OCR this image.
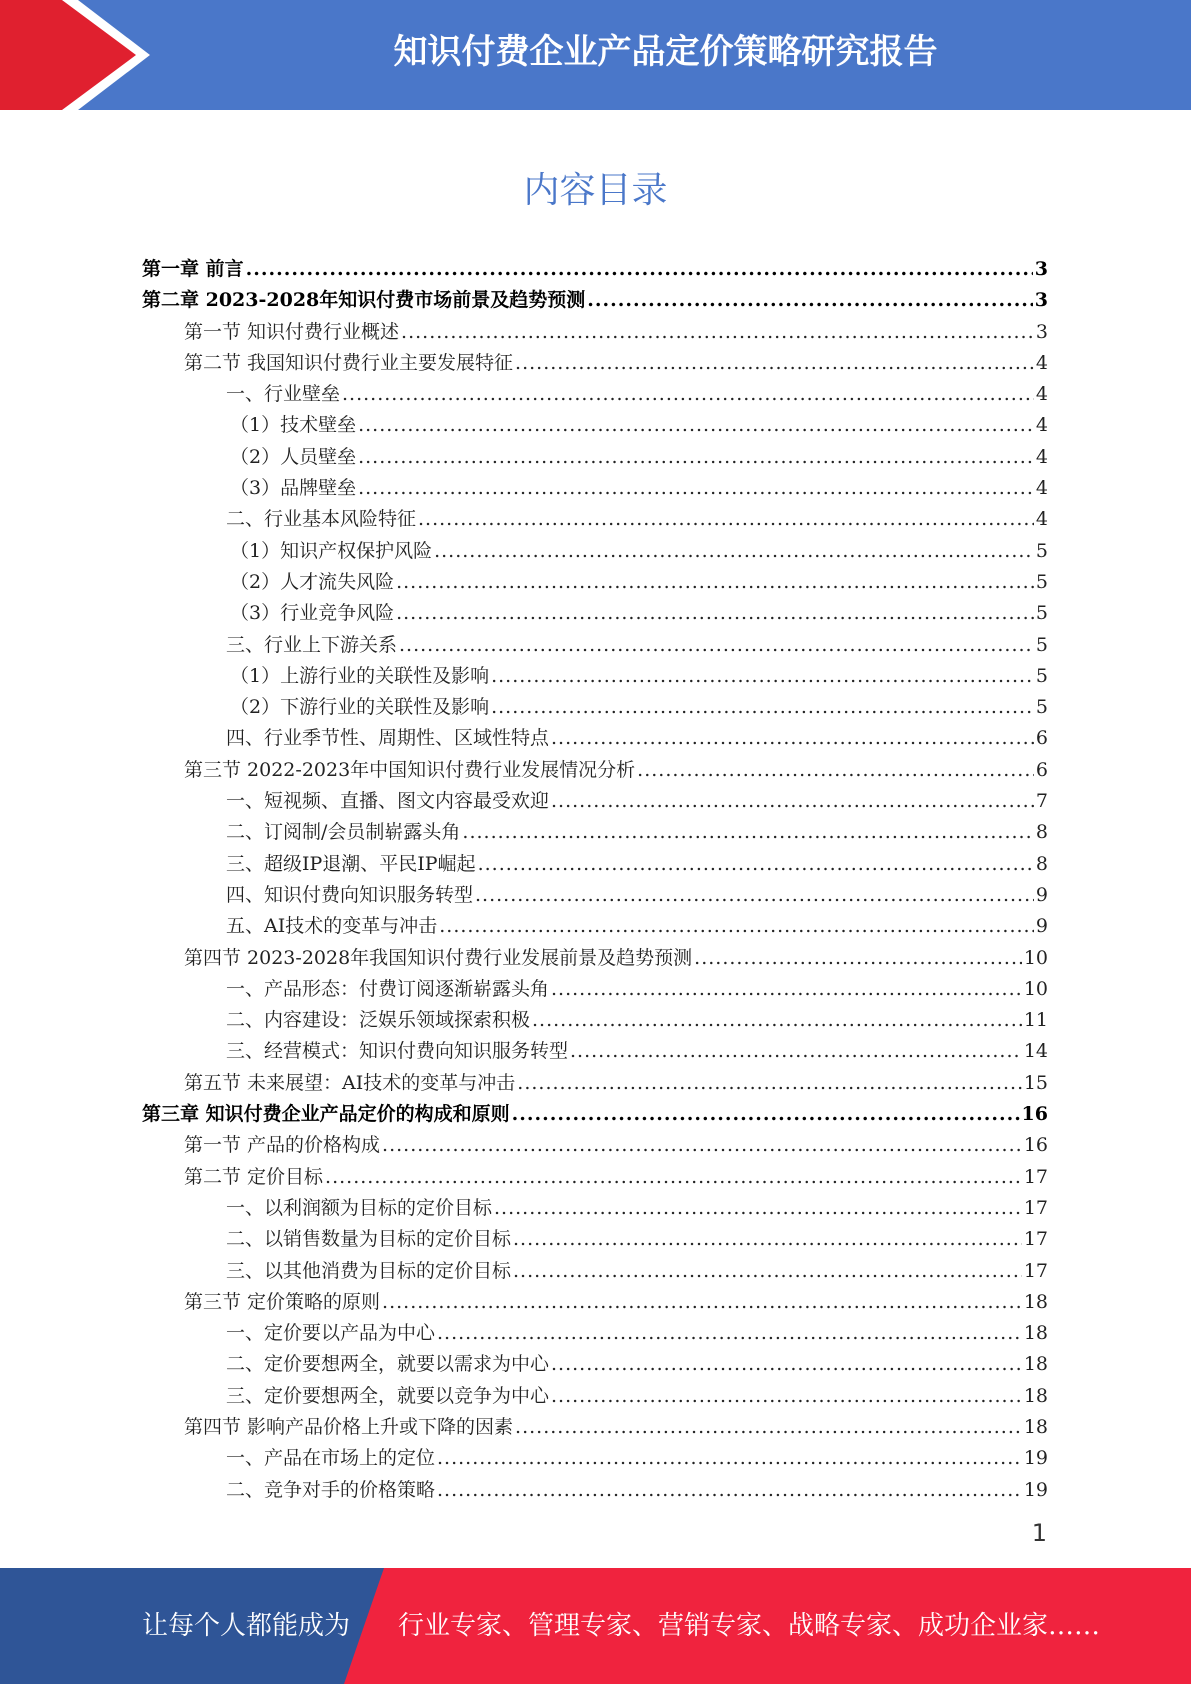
知识付费企业产品定价策略研究报告
内容目录
第一章 前言 .....	3
第二章 2023-2028年知识付费市场前景及趋势预测 .....	3
第一节 知识付费行业概述 .....	3
第二节 我国知识付费行业主要发展特征 .....	4
一、行业壁垒 .....	4
（1）技术壁垒 .....	4
（2）人员壁垒 .....	4
（3）品牌壁垒 .....	4
二、行业基本风险特征 .....	4
（1）知识产权保护风险 .....	5
（2）人才流失风险 .....	5
（3）行业竞争风险 .....	5
三、行业上下游关系 .....	5
（1）上游行业的关联性及影响 .....	5
（2）下游行业的关联性及影响 .....	5
四、行业季节性、周期性、区域性特点 .....	6
第三节 2022-2023年中国知识付费行业发展情况分析 .....	6
一、短视频、直播、图文内容最受欢迎 .....	7
二、订阅制/会员制崭露头角 .....	8
三、超级IP退潮、平民IP崛起 .....	8
四、知识付费向知识服务转型 .....	9
五、AI技术的变革与冲击 .....	9
第四节 2023-2028年我国知识付费行业发展前景及趋势预测 .....	10
一、产品形态：付费订阅逐渐崭露头角 .....	10
二、内容建设：泛娱乐领域探索积极 .....	11
三、经营模式：知识付费向知识服务转型 .....	14
第五节 未来展望：AI技术的变革与冲击 .....	15
第三章 知识付费企业产品定价的构成和原则 .....	16
第一节 产品的价格构成 .....	16
第二节 定价目标 .....	17
一、以利润额为目标的定价目标 .....	17
二、以销售数量为目标的定价目标 .....	17
三、以其他消费为目标的定价目标 .....	17
第三节 定价策略的原则 .....	18
一、定价要以产品为中心 .....	18
二、定价要想两全，就要以需求为中心 .....	18
三、定价要想两全，就要以竞争为中心 .....	18
第四节 影响产品价格上升或下降的因素 .....	18
一、产品在市场上的定位 .....	19
二、竞争对手的价格策略 .....	19
1
让每个人都能成为 行业专家、管理专家、营销专家、战略专家、成功企业家……
